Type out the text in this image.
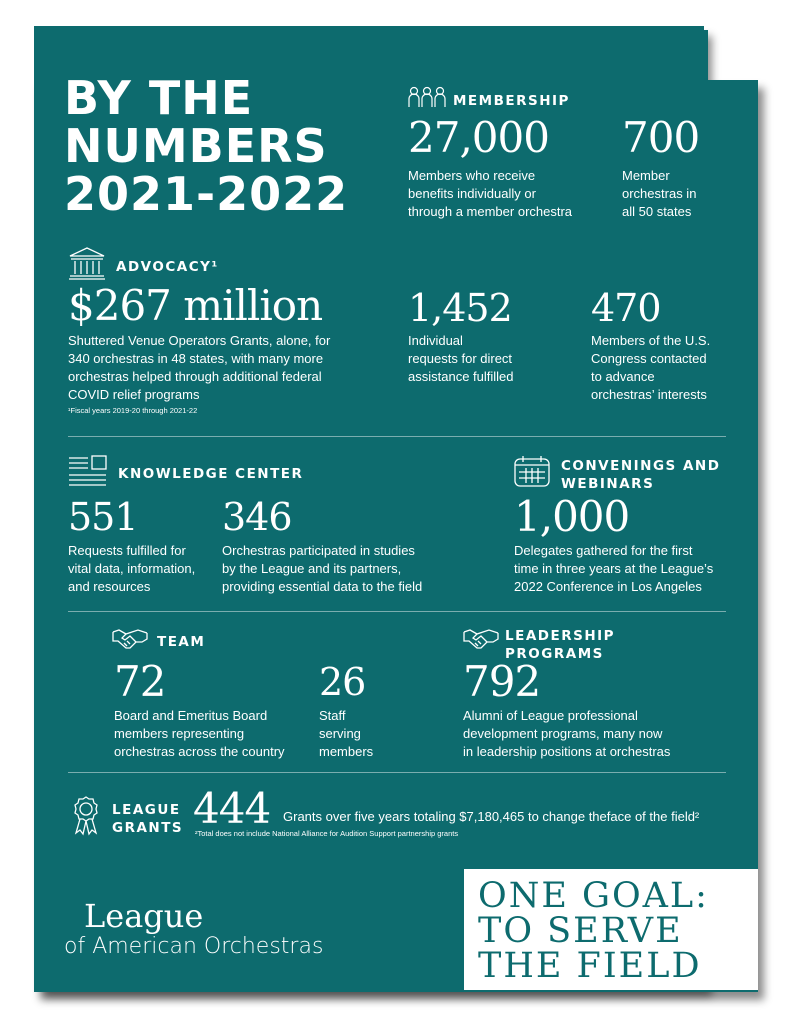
BY THE
NUMBERS
2021-2022
MEMBERSHIP
27,000
Members who receive
benefits individually or
through a member orchestra
700
Member
orchestras in
all 50 states
ADVOCACY¹
$267 million
Shuttered Venue Operators Grants, alone, for
340 orchestras in 48 states, with many more
orchestras helped through additional federal
COVID relief programs
¹Fiscal years 2019-20 through 2021-22
1,452
Individual
requests for direct
assistance fulfilled
470
Members of the U.S.
Congress contacted
to advance
orchestras’ interests
KNOWLEDGE CENTER
551
Requests fulfilled for
vital data, information,
and resources
346
Orchestras participated in studies
by the League and its partners,
providing essential data to the field
CONVENINGS AND
WEBINARS
1,000
Delegates gathered for the first
time in three years at the League’s
2022 Conference in Los Angeles
TEAM
72
Board and Emeritus Board
members representing
orchestras across the country
26
Staff
serving
members
LEADERSHIP
PROGRAMS
792
Alumni of League professional
development programs, many now
in leadership positions at orchestras
LEAGUE
GRANTS 444 Grants over five years totaling $7,180,465 to change theface of the field²
²Total does not include National Alliance for Audition Support partnership grants
League
of American Orchestras
ONE GOAL:
TO SERVE
THE FIELD
